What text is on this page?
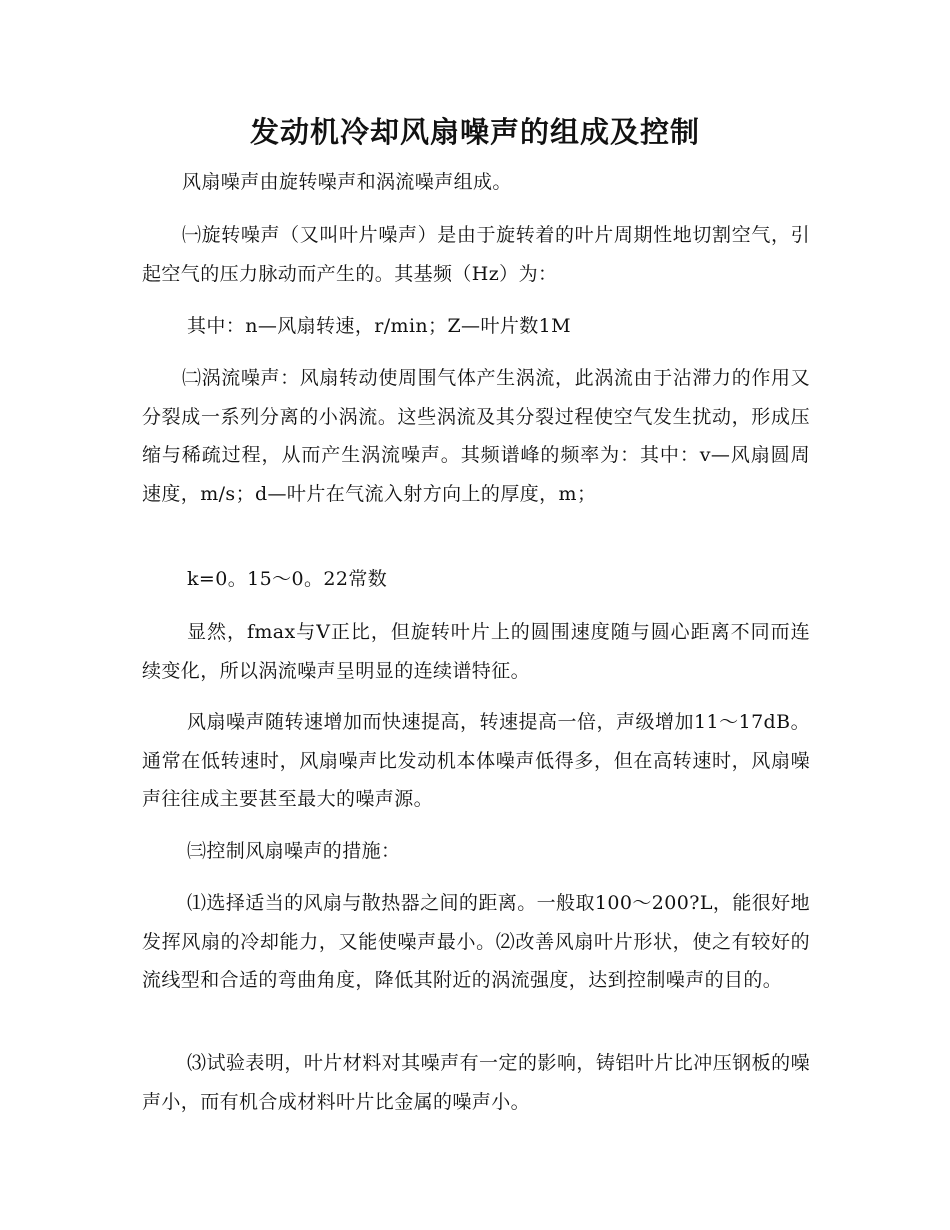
发动机冷却风扇噪声的组成及控制

风扇噪声由旋转噪声和涡流噪声组成。

㈠旋转噪声（又叫叶片噪声）是由于旋转着的叶片周期性地切割空气，引起空气的压力脉动而产生的。其基频（Hz）为：

其中：n—风扇转速，r/min；Z—叶片数1M

㈡涡流噪声：风扇转动使周围气体产生涡流，此涡流由于沾滞力的作用又分裂成一系列分离的小涡流。这些涡流及其分裂过程使空气发生扰动，形成压缩与稀疏过程，从而产生涡流噪声。其频谱峰的频率为：其中：v—风扇圆周速度，m/s；d—叶片在气流入射方向上的厚度，m；

k=0。15～0。22常数

显然，fmax与V正比，但旋转叶片上的圆围速度随与圆心距离不同而连续变化，所以涡流噪声呈明显的连续谱特征。

风扇噪声随转速增加而快速提高，转速提高一倍，声级增加11～17dB。通常在低转速时，风扇噪声比发动机本体噪声低得多，但在高转速时，风扇噪声往往成主要甚至最大的噪声源。

㈢控制风扇噪声的措施：

⑴选择适当的风扇与散热器之间的距离。一般取100～200?L，能很好地发挥风扇的冷却能力，又能使噪声最小。⑵改善风扇叶片形状，使之有较好的流线型和合适的弯曲角度，降低其附近的涡流强度，达到控制噪声的目的。

⑶试验表明，叶片材料对其噪声有一定的影响，铸铝叶片比冲压钢板的噪声小，而有机合成材料叶片比金属的噪声小。
